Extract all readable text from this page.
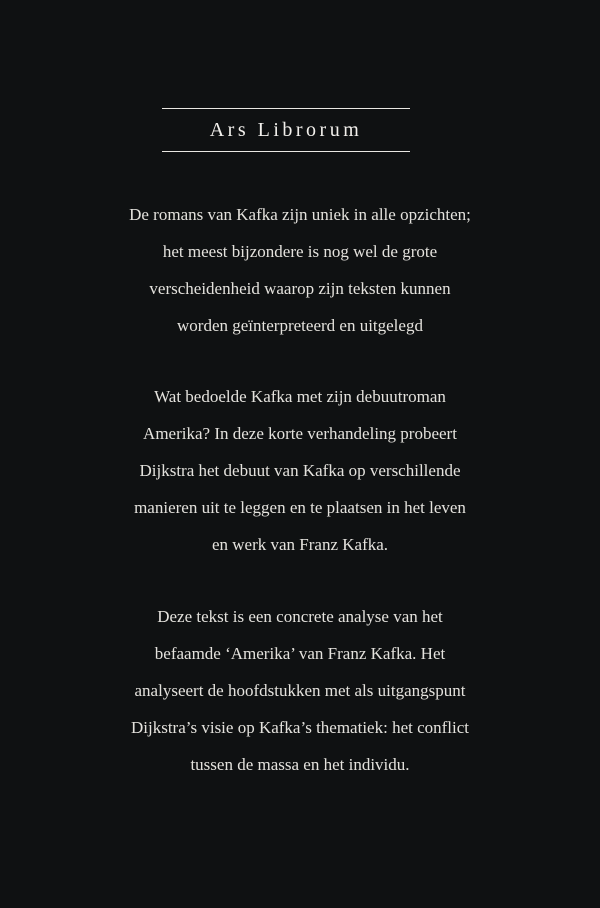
Ars Librorum
De romans van Kafka zijn uniek in alle opzichten;
het meest bijzondere is nog wel de grote
verscheidenheid waarop zijn teksten kunnen
worden geïnterpreteerd en uitgelegd
Wat bedoelde Kafka met zijn debuutroman
Amerika? In deze korte verhandeling probeert
Dijkstra het debuut van Kafka op verschillende
manieren uit te leggen en te plaatsen in het leven
en werk van Franz Kafka.
Deze tekst is een concrete analyse van het
befaamde ‘Amerika’ van Franz Kafka. Het
analyseert de hoofdstukken met als uitgangspunt
Dijkstra’s visie op Kafka’s thematiek: het conflict
tussen de massa en het individu.
